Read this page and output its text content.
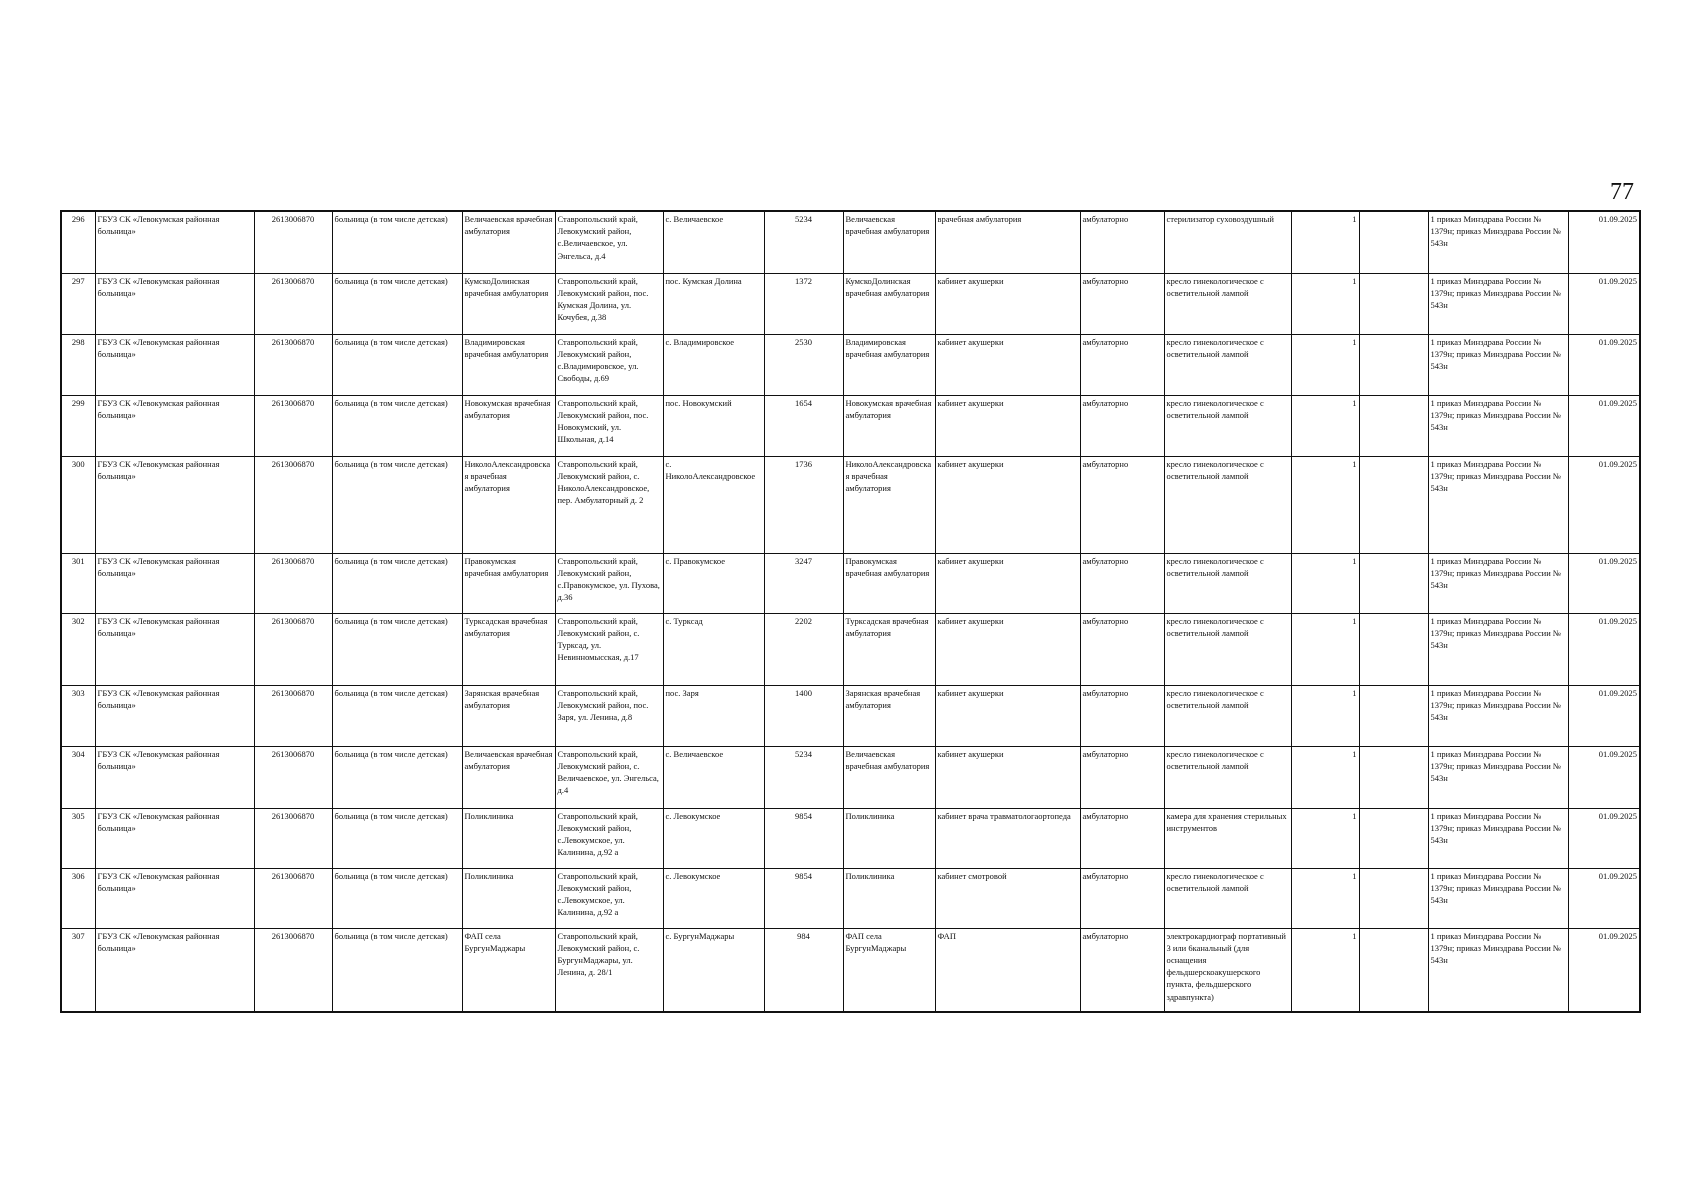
77
296	ГБУЗ СК «Левокумская районная больница»	2613006870	больница (в том числе детская)	Величаевская врачебная амбулатория	Ставропольский край, Левокумский район, с.Величаевское, ул. Энгельса, д.4	с. Величаевское	5234	Величаевская врачебная амбулатория	врачебная амбулатория	амбулаторно	стерилизатор суховоздушный	1		1 приказ Минздрава России № 1379н; приказ Минздрава России № 543н	01.09.2025
297	ГБУЗ СК «Левокумская районная больница»	2613006870	больница (в том числе детская)	КумскоДолинская врачебная амбулатория	Ставропольский край, Левокумский район, пос. Кумская Долина, ул. Кочубея, д.38	пос. Кумская Долина	1372	КумскоДолинская врачебная амбулатория	кабинет акушерки	амбулаторно	кресло гинекологическое с осветительной лампой	1		1 приказ Минздрава России № 1379н; приказ Минздрава России № 543н	01.09.2025
298	ГБУЗ СК «Левокумская районная больница»	2613006870	больница (в том числе детская)	Владимировская врачебная амбулатория	Ставропольский край, Левокумский район, с.Владимировское, ул. Свободы, д.69	с. Владимировское	2530	Владимировская врачебная амбулатория	кабинет акушерки	амбулаторно	кресло гинекологическое с осветительной лампой	1		1 приказ Минздрава России № 1379н; приказ Минздрава России № 543н	01.09.2025
299	ГБУЗ СК «Левокумская районная больница»	2613006870	больница (в том числе детская)	Новокумская врачебная амбулатория	Ставропольский край, Левокумский район, пос. Новокумский, ул. Школьная, д.14	пос. Новокумский	1654	Новокумская врачебная амбулатория	кабинет акушерки	амбулаторно	кресло гинекологическое с осветительной лампой	1		1 приказ Минздрава России № 1379н; приказ Минздрава России № 543н	01.09.2025
300	ГБУЗ СК «Левокумская районная больница»	2613006870	больница (в том числе детская)	НиколоАлександровская врачебная амбулатория	Ставропольский край, Левокумский район, с. НиколоАлександровское, пер. Амбулаторный д. 2	с. НиколоАлександровское	1736	НиколоАлександровская врачебная амбулатория	кабинет акушерки	амбулаторно	кресло гинекологическое с осветительной лампой	1		1 приказ Минздрава России № 1379н; приказ Минздрава России № 543н	01.09.2025
301	ГБУЗ СК «Левокумская районная больница»	2613006870	больница (в том числе детская)	Правокумская врачебная амбулатория	Ставропольский край, Левокумский район, с.Правокумское, ул. Пухова, д.36	с. Правокумское	3247	Правокумская врачебная амбулатория	кабинет акушерки	амбулаторно	кресло гинекологическое с осветительной лампой	1		1 приказ Минздрава России № 1379н; приказ Минздрава России № 543н	01.09.2025
302	ГБУЗ СК «Левокумская районная больница»	2613006870	больница (в том числе детская)	Турксадская врачебная амбулатория	Ставропольский край, Левокумский район, с. Турксад, ул. Невинномысская, д.17	с. Турксад	2202	Турксадская врачебная амбулатория	кабинет акушерки	амбулаторно	кресло гинекологическое с осветительной лампой	1		1 приказ Минздрава России № 1379н; приказ Минздрава России № 543н	01.09.2025
303	ГБУЗ СК «Левокумская районная больница»	2613006870	больница (в том числе детская)	Зарянская врачебная амбулатория	Ставропольский край, Левокумский район, пос. Заря, ул. Ленина, д.8	пос. Заря	1400	Зарянская врачебная амбулатория	кабинет акушерки	амбулаторно	кресло гинекологическое с осветительной лампой	1		1 приказ Минздрава России № 1379н; приказ Минздрава России № 543н	01.09.2025
304	ГБУЗ СК «Левокумская районная больница»	2613006870	больница (в том числе детская)	Величаевская врачебная амбулатория	Ставропольский край, Левокумский район, с. Величаевское, ул. Энгельса, д.4	с. Величаевское	5234	Величаевская врачебная амбулатория	кабинет акушерки	амбулаторно	кресло гинекологическое с осветительной лампой	1		1 приказ Минздрава России № 1379н; приказ Минздрава России № 543н	01.09.2025
305	ГБУЗ СК «Левокумская районная больница»	2613006870	больница (в том числе детская)	Поликлиника	Ставропольский край, Левокумский район, с.Левокумское, ул. Калинина, д.92 а	с. Левокумское	9854	Поликлиника	кабинет врача травматологаортопеда	амбулаторно	камера для хранения стерильных инструментов	1		1 приказ Минздрава России № 1379н; приказ Минздрава России № 543н	01.09.2025
306	ГБУЗ СК «Левокумская районная больница»	2613006870	больница (в том числе детская)	Поликлиника	Ставропольский край, Левокумский район, с.Левокумское, ул. Калинина, д.92 а	с. Левокумское	9854	Поликлиника	кабинет смотровой	амбулаторно	кресло гинекологическое с осветительной лампой	1		1 приказ Минздрава России № 1379н; приказ Минздрава России № 543н	01.09.2025
307	ГБУЗ СК «Левокумская районная больница»	2613006870	больница (в том числе детская)	ФАП села БургунМаджары	Ставропольский край, Левокумский район, с. БургунМаджары, ул. Ленина, д. 28/1	с. БургунМаджары	984	ФАП села БургунМаджары	ФАП	амбулаторно	электрокардиограф портативный 3 или 6канальный (для оснащения фельдшерскоакушерского пункта, фельдшерского здравпункта)	1		1 приказ Минздрава России № 1379н; приказ Минздрава России № 543н	01.09.2025
